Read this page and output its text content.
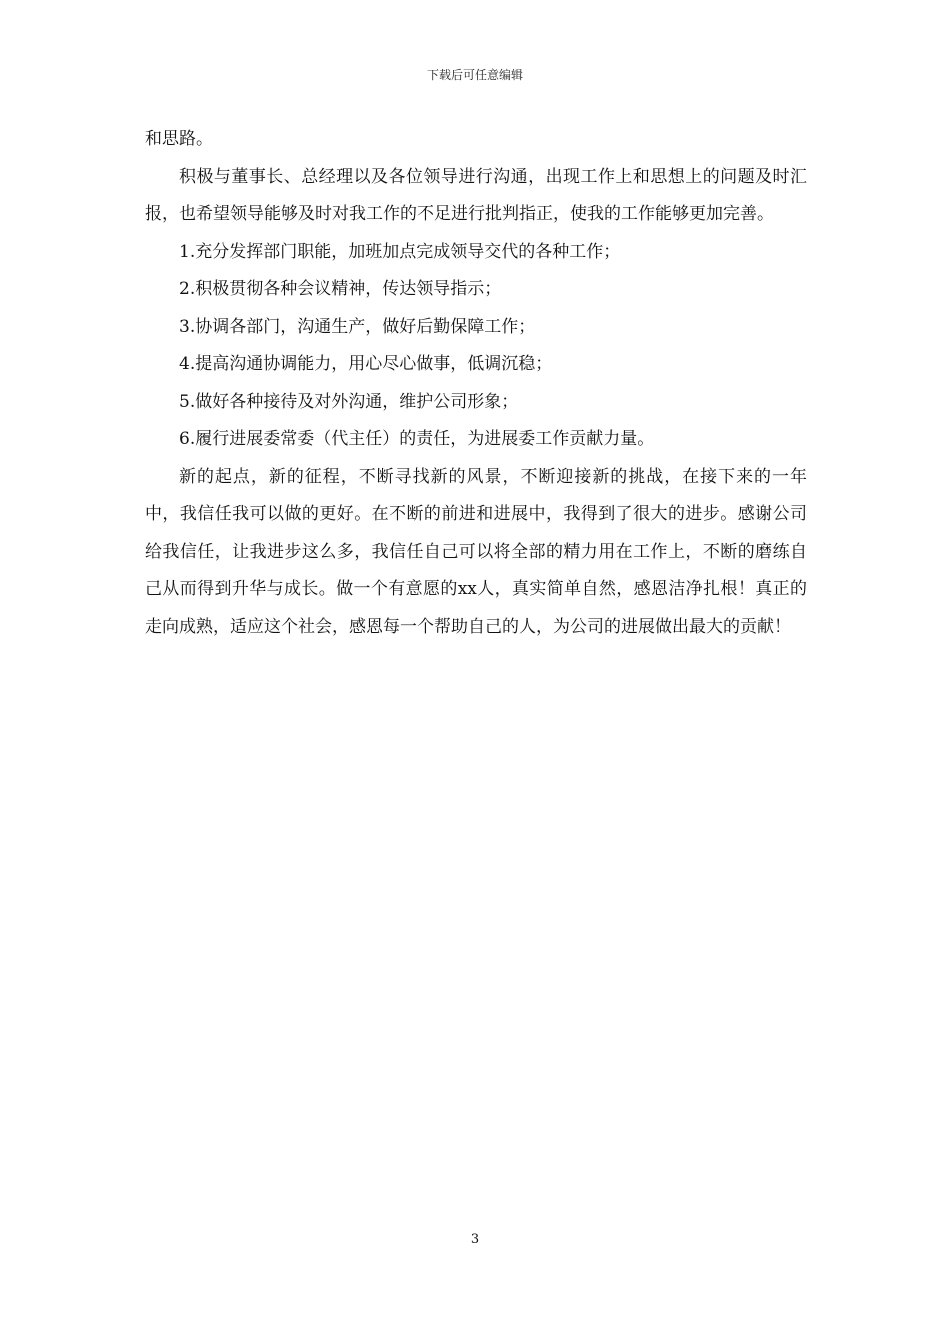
下载后可任意编辑

和思路。

积极与董事长、总经理以及各位领导进行沟通，出现工作上和思想上的问题及时汇报，也希望领导能够及时对我工作的不足进行批判指正，使我的工作能够更加完善。

1.充分发挥部门职能，加班加点完成领导交代的各种工作；

2.积极贯彻各种会议精神，传达领导指示；

3.协调各部门，沟通生产，做好后勤保障工作；

4.提高沟通协调能力，用心尽心做事，低调沉稳；

5.做好各种接待及对外沟通，维护公司形象；

6.履行进展委常委（代主任）的责任，为进展委工作贡献力量。

新的起点，新的征程，不断寻找新的风景，不断迎接新的挑战，在接下来的一年中，我信任我可以做的更好。在不断的前进和进展中，我得到了很大的进步。感谢公司给我信任，让我进步这么多，我信任自己可以将全部的精力用在工作上，不断的磨练自己从而得到升华与成长。做一个有意愿的xx人，真实简单自然，感恩洁净扎根！真正的走向成熟，适应这个社会，感恩每一个帮助自己的人，为公司的进展做出最大的贡献！

3
